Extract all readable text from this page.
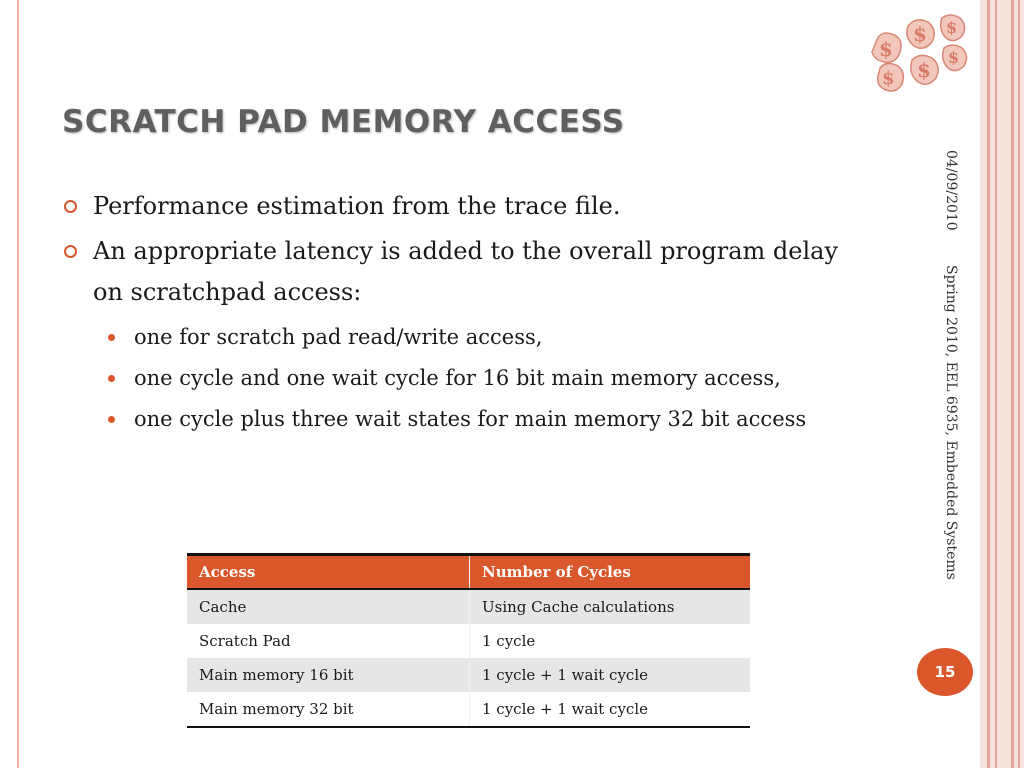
$
$
$
$
$
$
SCRATCH PAD MEMORY ACCESS
Performance estimation from the trace file.
An appropriate latency is added to the overall program delay on scratchpad access:
one for scratch pad read/write access,
one cycle and one wait cycle for 16 bit main memory access,
one cycle plus three wait states for main memory 32 bit access
Access	Number of Cycles
Cache	Using Cache calculations
Scratch Pad	1 cycle
Main memory 16 bit	1 cycle + 1 wait cycle
Main memory 32 bit	1 cycle + 1 wait cycle
04/09/2010
Spring 2010, EEL 6935, Embedded Systems
15
